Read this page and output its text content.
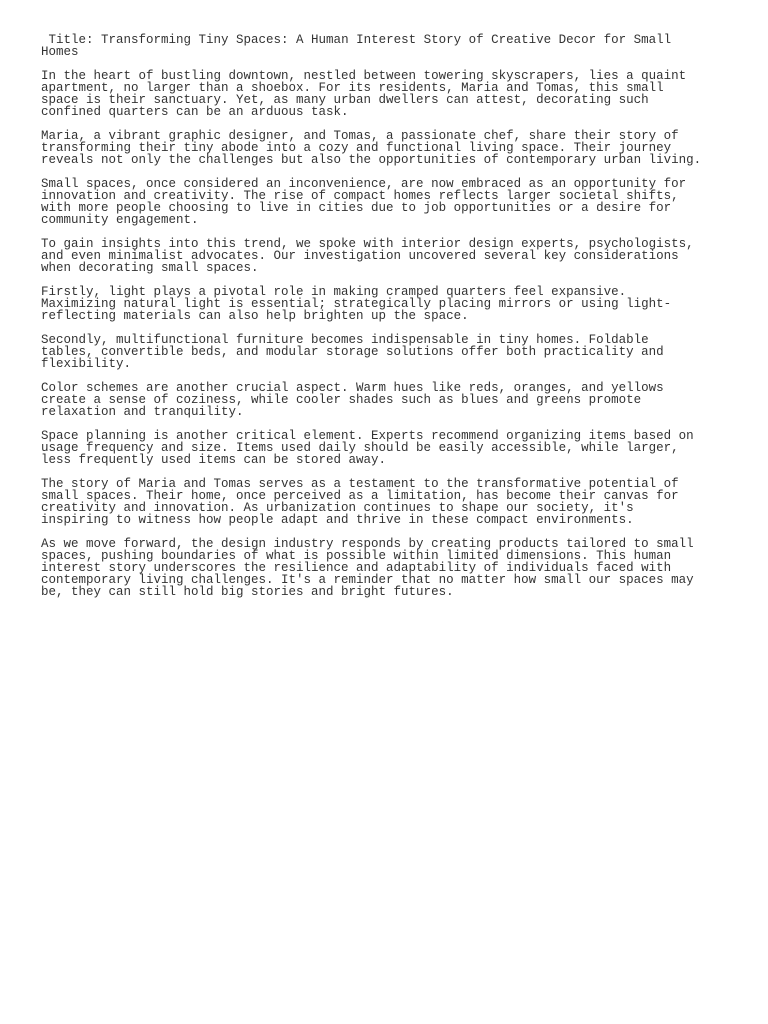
Title: Transforming Tiny Spaces: A Human Interest Story of Creative Decor for Small Homes

In the heart of bustling downtown, nestled between towering skyscrapers, lies a quaint apartment, no larger than a shoebox. For its residents, Maria and Tomas, this small space is their sanctuary. Yet, as many urban dwellers can attest, decorating such confined quarters can be an arduous task.

Maria, a vibrant graphic designer, and Tomas, a passionate chef, share their story of transforming their tiny abode into a cozy and functional living space. Their journey reveals not only the challenges but also the opportunities of contemporary urban living.

Small spaces, once considered an inconvenience, are now embraced as an opportunity for innovation and creativity. The rise of compact homes reflects larger societal shifts, with more people choosing to live in cities due to job opportunities or a desire for community engagement.

To gain insights into this trend, we spoke with interior design experts, psychologists, and even minimalist advocates. Our investigation uncovered several key considerations when decorating small spaces.

Firstly, light plays a pivotal role in making cramped quarters feel expansive. Maximizing natural light is essential; strategically placing mirrors or using light-reflecting materials can also help brighten up the space.

Secondly, multifunctional furniture becomes indispensable in tiny homes. Foldable tables, convertible beds, and modular storage solutions offer both practicality and flexibility.

Color schemes are another crucial aspect. Warm hues like reds, oranges, and yellows create a sense of coziness, while cooler shades such as blues and greens promote relaxation and tranquility.

Space planning is another critical element. Experts recommend organizing items based on usage frequency and size. Items used daily should be easily accessible, while larger, less frequently used items can be stored away.

The story of Maria and Tomas serves as a testament to the transformative potential of small spaces. Their home, once perceived as a limitation, has become their canvas for creativity and innovation. As urbanization continues to shape our society, it's inspiring to witness how people adapt and thrive in these compact environments.

As we move forward, the design industry responds by creating products tailored to small spaces, pushing boundaries of what is possible within limited dimensions. This human interest story underscores the resilience and adaptability of individuals faced with contemporary living challenges. It's a reminder that no matter how small our spaces may be, they can still hold big stories and bright futures.
